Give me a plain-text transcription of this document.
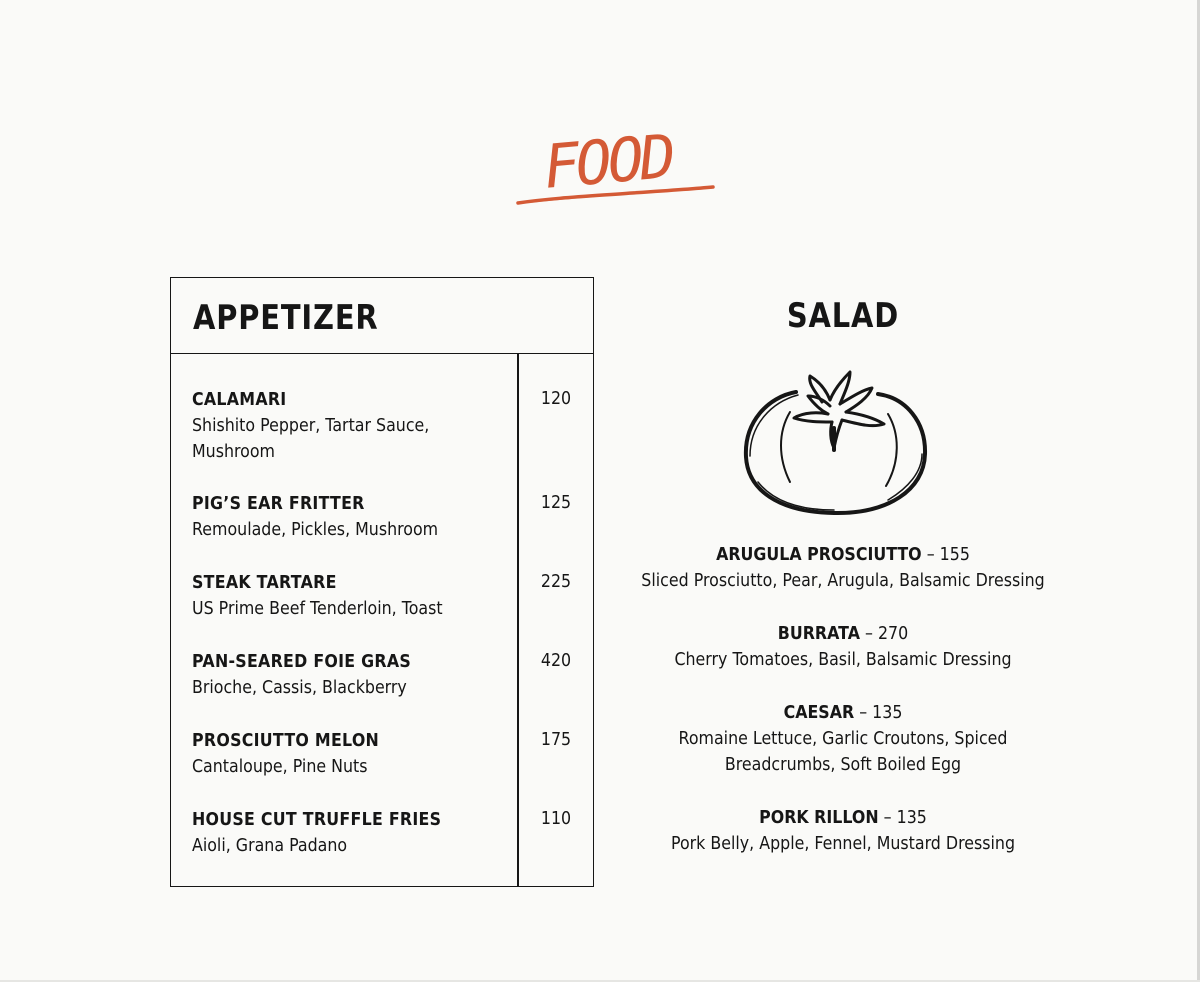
FOOD
APPETIZER
CALAMARI
Shishito Pepper, Tartar Sauce, Mushroom
120
PIG’S EAR FRITTER
Remoulade, Pickles, Mushroom
125
STEAK TARTARE
US Prime Beef Tenderloin, Toast
225
PAN-SEARED FOIE GRAS
Brioche, Cassis, Blackberry
420
PROSCIUTTO MELON
Cantaloupe, Pine Nuts
175
HOUSE CUT TRUFFLE FRIES
Aioli, Grana Padano
110
SALAD
ARUGULA PROSCIUTTO – 155
Sliced Prosciutto, Pear, Arugula, Balsamic Dressing
BURRATA – 270
Cherry Tomatoes, Basil, Balsamic Dressing
CAESAR – 135
Romaine Lettuce, Garlic Croutons, Spiced Breadcrumbs, Soft Boiled Egg
PORK RILLON – 135
Pork Belly, Apple, Fennel, Mustard Dressing
